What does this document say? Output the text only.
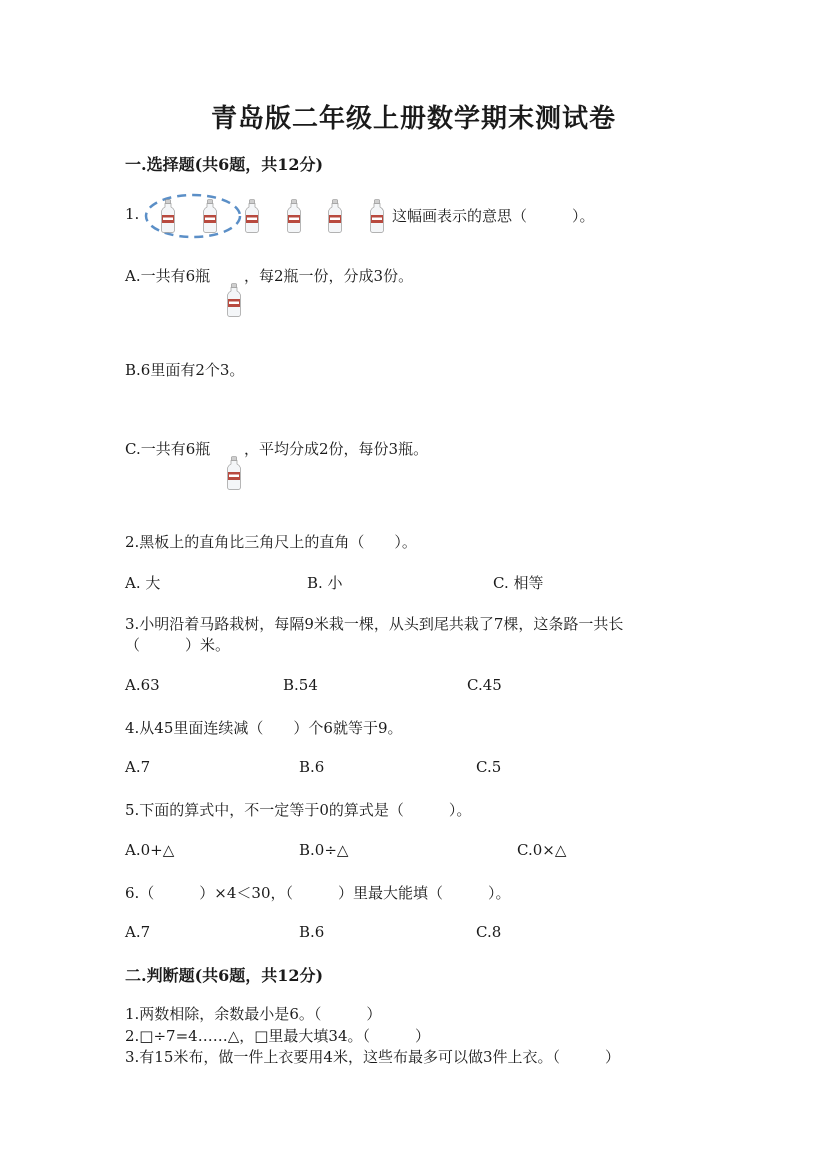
青岛版二年级上册数学期末测试卷
一.选择题(共6题，共12分)
1.	这幅画表示的意思（　　　）。
A.一共有6瓶 ，每2瓶一份，分成3份。
B.6里面有2个3。
C.一共有6瓶 ，平均分成2份，每份3瓶。
2.黑板上的直角比三角尺上的直角（　　）。
A. 大	B. 小	C. 相等
3.小明沿着马路栽树，每隔9米栽一棵，从头到尾共栽了7棵，这条路一共长
（　　　）米。
A.63	B.54	C.45
4.从45里面连续减（　　）个6就等于9。
A.7	B.6	C.5
5.下面的算式中，不一定等于0的算式是（　　　）。
A.0+△	B.0÷△	C.0×△
6.（　　　）×4＜30，（　　　）里最大能填（　　　）。
A.7	B.6	C.8
二.判断题(共6题，共12分)
1.两数相除，余数最小是6。（　　　）
2.□÷7=4……△，□里最大填34。（　　　）
3.有15米布，做一件上衣要用4米，这些布最多可以做3件上衣。（　　　）
